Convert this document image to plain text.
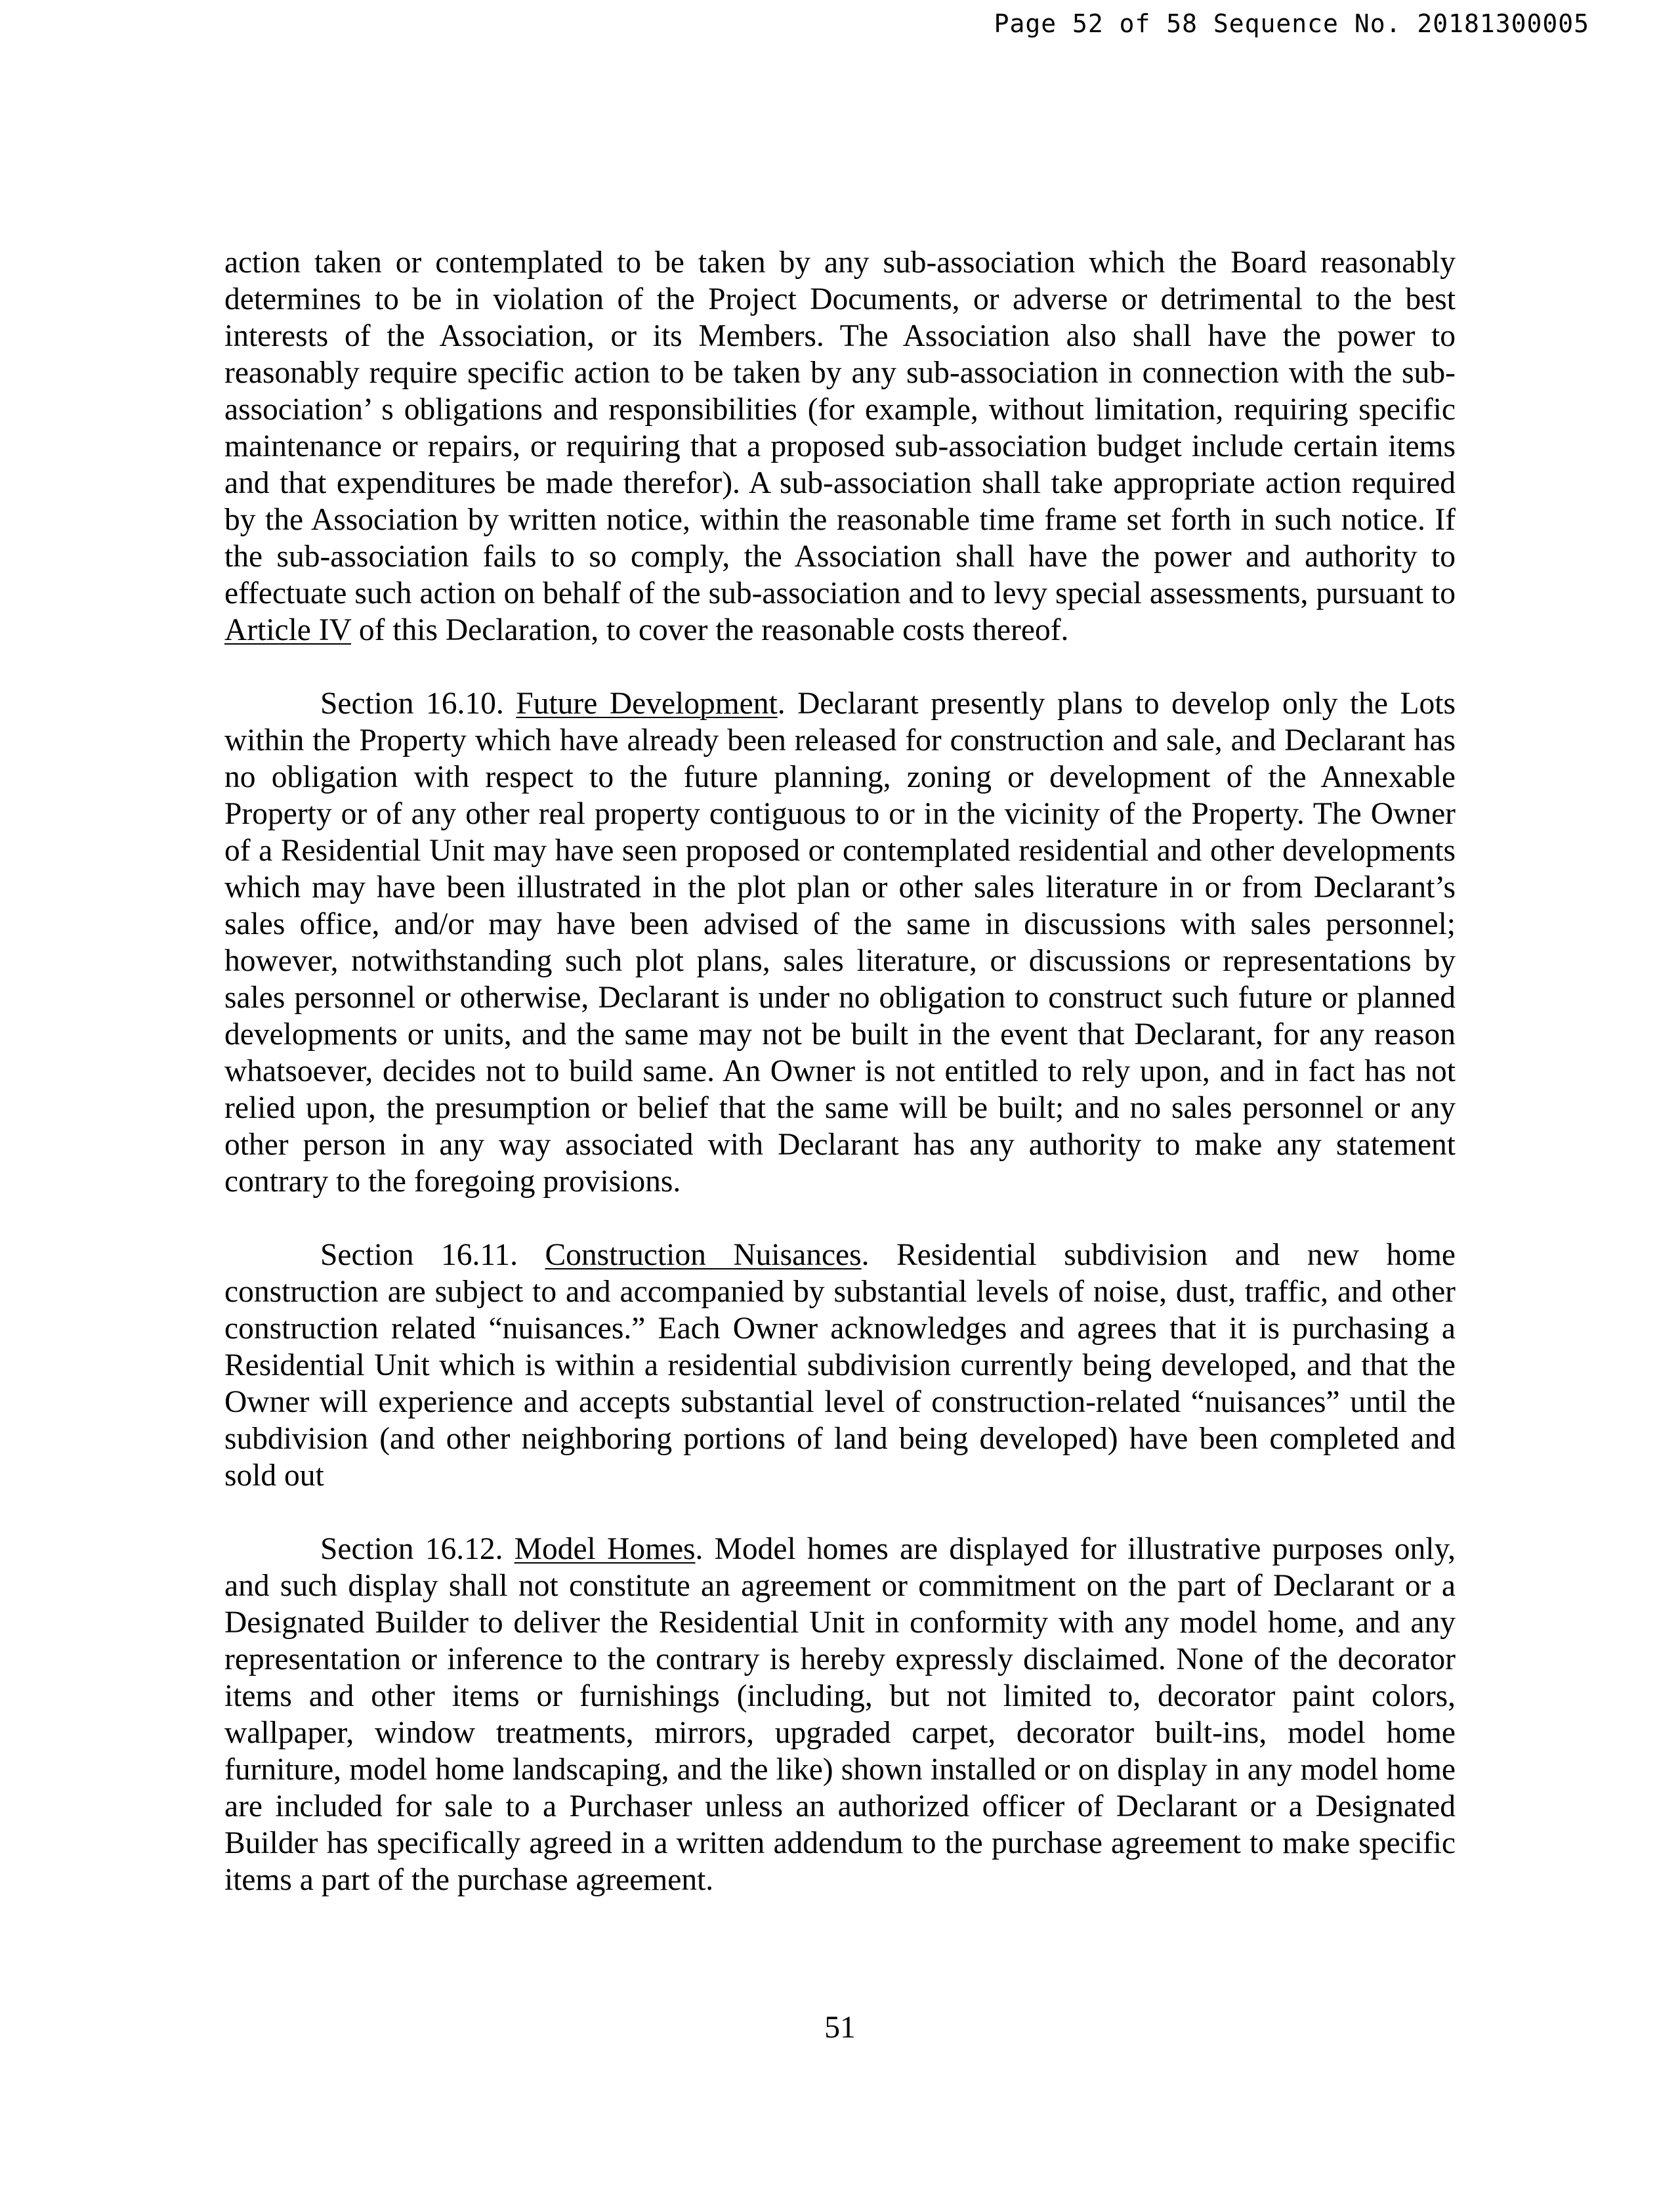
Page 52 of 58 Sequence No. 20181300005

action taken or contemplated to be taken by any sub-association which the Board reasonably determines to be in violation of the Project Documents, or adverse or detrimental to the best interests of the Association, or its Members. The Association also shall have the power to reasonably require specific action to be taken by any sub-association in connection with the sub-association’ s obligations and responsibilities (for example, without limitation, requiring specific maintenance or repairs, or requiring that a proposed sub-association budget include certain items and that expenditures be made therefor). A sub-association shall take appropriate action required by the Association by written notice, within the reasonable time frame set forth in such notice. If the sub-association fails to so comply, the Association shall have the power and authority to effectuate such action on behalf of the sub-association and to levy special assessments, pursuant to Article IV of this Declaration, to cover the reasonable costs thereof.

Section 16.10. Future Development. Declarant presently plans to develop only the Lots within the Property which have already been released for construction and sale, and Declarant has no obligation with respect to the future planning, zoning or development of the Annexable Property or of any other real property contiguous to or in the vicinity of the Property. The Owner of a Residential Unit may have seen proposed or contemplated residential and other developments which may have been illustrated in the plot plan or other sales literature in or from Declarant’s sales office, and/or may have been advised of the same in discussions with sales personnel; however, notwithstanding such plot plans, sales literature, or discussions or representations by sales personnel or otherwise, Declarant is under no obligation to construct such future or planned developments or units, and the same may not be built in the event that Declarant, for any reason whatsoever, decides not to build same. An Owner is not entitled to rely upon, and in fact has not relied upon, the presumption or belief that the same will be built; and no sales personnel or any other person in any way associated with Declarant has any authority to make any statement contrary to the foregoing provisions.

Section 16.11. Construction Nuisances. Residential subdivision and new home construction are subject to and accompanied by substantial levels of noise, dust, traffic, and other construction related “nuisances.” Each Owner acknowledges and agrees that it is purchasing a Residential Unit which is within a residential subdivision currently being developed, and that the Owner will experience and accepts substantial level of construction-related “nuisances” until the subdivision (and other neighboring portions of land being developed) have been completed and sold out

Section 16.12. Model Homes. Model homes are displayed for illustrative purposes only, and such display shall not constitute an agreement or commitment on the part of Declarant or a Designated Builder to deliver the Residential Unit in conformity with any model home, and any representation or inference to the contrary is hereby expressly disclaimed. None of the decorator items and other items or furnishings (including, but not limited to, decorator paint colors, wallpaper, window treatments, mirrors, upgraded carpet, decorator built-ins, model home furniture, model home landscaping, and the like) shown installed or on display in any model home are included for sale to a Purchaser unless an authorized officer of Declarant or a Designated Builder has specifically agreed in a written addendum to the purchase agreement to make specific items a part of the purchase agreement.

51
